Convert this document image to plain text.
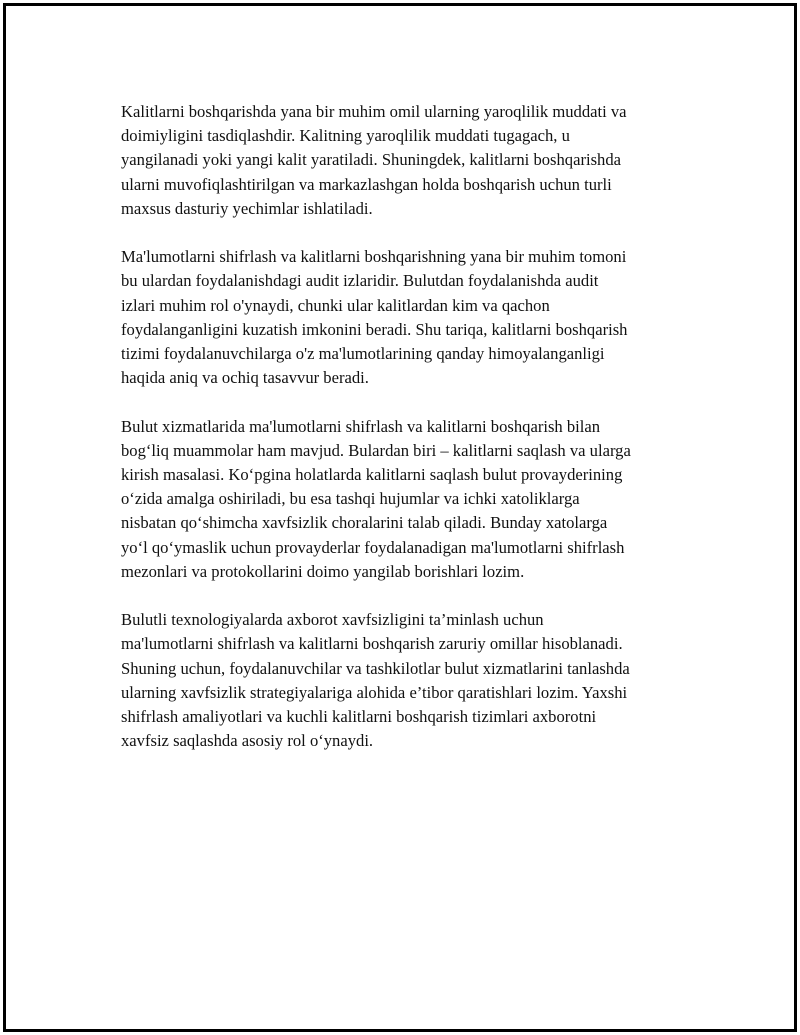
Kalitlarni boshqarishda yana bir muhim omil ularning yaroqlilik muddati va
doimiyligini tasdiqlashdir. Kalitning yaroqlilik muddati tugagach, u
yangilanadi yoki yangi kalit yaratiladi. Shuningdek, kalitlarni boshqarishda
ularni muvofiqlashtirilgan va markazlashgan holda boshqarish uchun turli
maxsus dasturiy yechimlar ishlatiladi.

Ma'lumotlarni shifrlash va kalitlarni boshqarishning yana bir muhim tomoni
bu ulardan foydalanishdagi audit izlaridir. Bulutdan foydalanishda audit
izlari muhim rol o'ynaydi, chunki ular kalitlardan kim va qachon
foydalanganligini kuzatish imkonini beradi. Shu tariqa, kalitlarni boshqarish
tizimi foydalanuvchilarga o'z ma'lumotlarining qanday himoyalanganligi
haqida aniq va ochiq tasavvur beradi.

Bulut xizmatlarida ma'lumotlarni shifrlash va kalitlarni boshqarish bilan
bog‘liq muammolar ham mavjud. Bulardan biri – kalitlarni saqlash va ularga
kirish masalasi. Ko‘pgina holatlarda kalitlarni saqlash bulut provayderining
o‘zida amalga oshiriladi, bu esa tashqi hujumlar va ichki xatoliklarga
nisbatan qo‘shimcha xavfsizlik choralarini talab qiladi. Bunday xatolarga
yo‘l qo‘ymaslik uchun provayderlar foydalanadigan ma'lumotlarni shifrlash
mezonlari va protokollarini doimo yangilab borishlari lozim.

Bulutli texnologiyalarda axborot xavfsizligini ta’minlash uchun
ma'lumotlarni shifrlash va kalitlarni boshqarish zaruriy omillar hisoblanadi.
Shuning uchun, foydalanuvchilar va tashkilotlar bulut xizmatlarini tanlashda
ularning xavfsizlik strategiyalariga alohida e’tibor qaratishlari lozim. Yaxshi
shifrlash amaliyotlari va kuchli kalitlarni boshqarish tizimlari axborotni
xavfsiz saqlashda asosiy rol o‘ynaydi.
